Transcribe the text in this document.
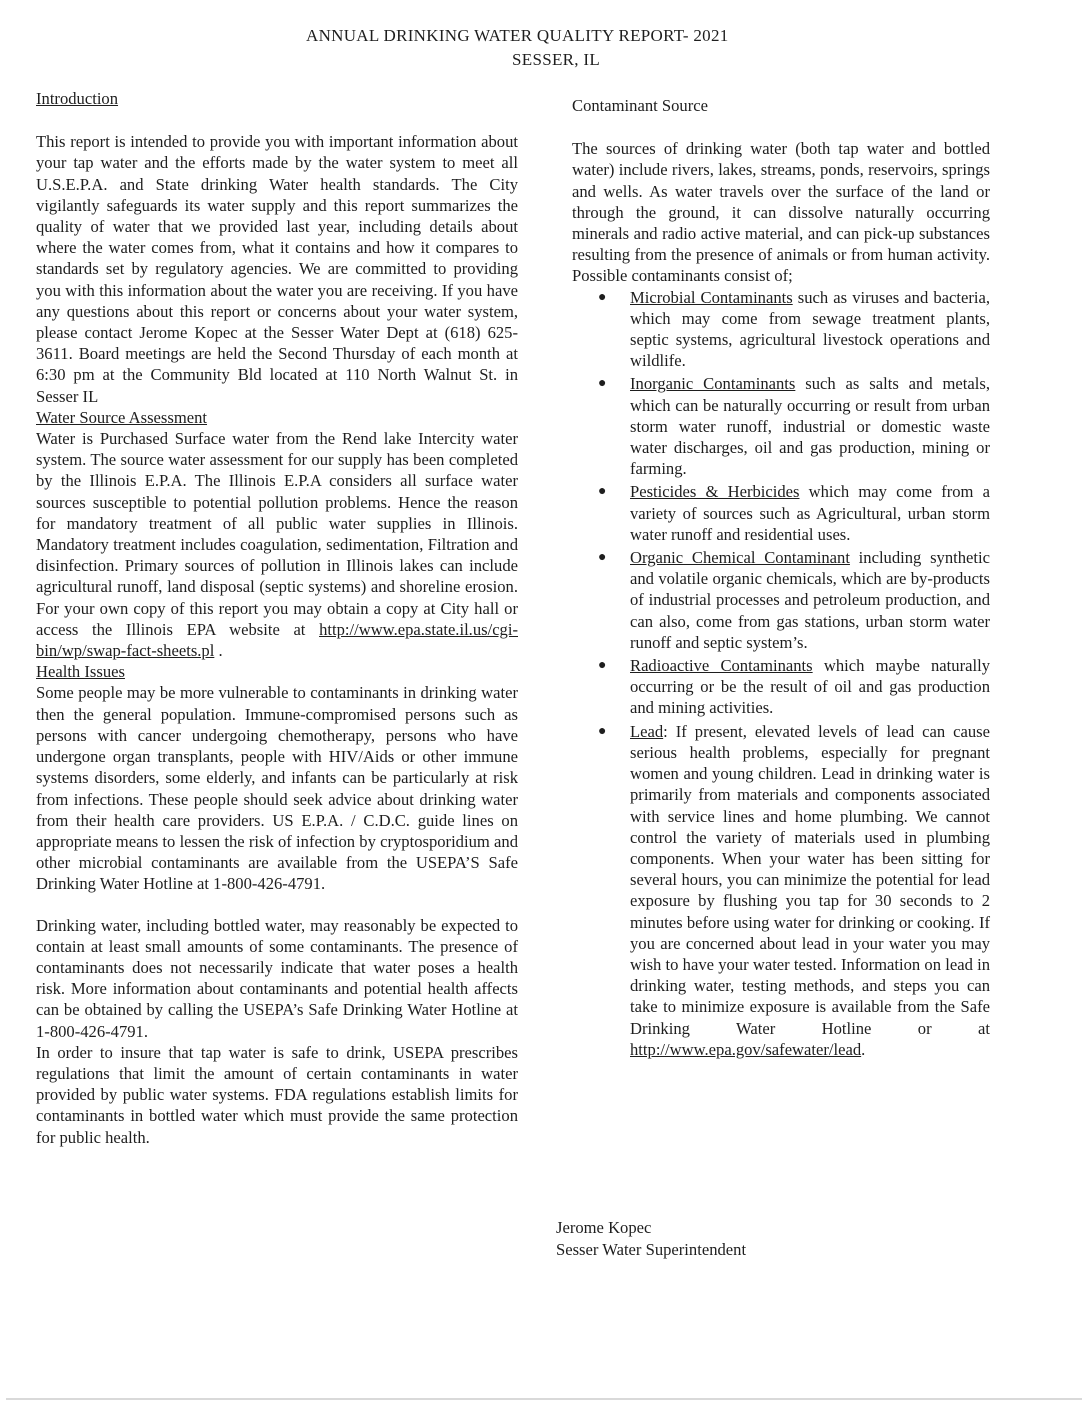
ANNUAL DRINKING WATER QUALITY REPORT- 2021
SESSER, IL
Introduction

This report is intended to provide you with important information about your tap water and the efforts made by the water system to meet all U.S.E.P.A. and State drinking Water health standards. The City vigilantly safeguards its water supply and this report summarizes the quality of water that we provided last year, including details about where the water comes from, what it contains and how it compares to standards set by regulatory agencies. We are committed to providing you with this information about the water you are receiving. If you have any questions about this report or concerns about your water system, please contact Jerome Kopec at the Sesser Water Dept at (618) 625-3611. Board meetings are held the Second Thursday of each month at 6:30 pm at the Community Bld located at 110 North Walnut St. in Sesser IL

Water Source Assessment

Water is Purchased Surface water from the Rend lake Intercity water system. The source water assessment for our supply has been completed by the Illinois E.P.A. The Illinois E.P.A considers all surface water sources susceptible to potential pollution problems. Hence the reason for mandatory treatment of all public water supplies in Illinois. Mandatory treatment includes coagulation, sedimentation, Filtration and disinfection. Primary sources of pollution in Illinois lakes can include agricultural runoff, land disposal (septic systems) and shoreline erosion. For your own copy of this report you may obtain a copy at City hall or access the Illinois EPA website at http://www.epa.state.il.us/cgi-bin/wp/swap-fact-sheets.pl .

Health Issues

Some people may be more vulnerable to contaminants in drinking water then the general population. Immune-compromised persons such as persons with cancer undergoing chemotherapy, persons who have undergone organ transplants, people with HIV/Aids or other immune systems disorders, some elderly, and infants can be particularly at risk from infections. These people should seek advice about drinking water from their health care providers. US E.P.A. / C.D.C. guide lines on appropriate means to lessen the risk of infection by cryptosporidium and other microbial contaminants are available from the USEPA’S Safe Drinking Water Hotline at 1-800-426-4791.

Drinking water, including bottled water, may reasonably be expected to contain at least small amounts of some contaminants. The presence of contaminants does not necessarily indicate that water poses a health risk. More information about contaminants and potential health affects can be obtained by calling the USEPA’s Safe Drinking Water Hotline at 1-800-426-4791.

In order to insure that tap water is safe to drink, USEPA prescribes regulations that limit the amount of certain contaminants in water provided by public water systems. FDA regulations establish limits for contaminants in bottled water which must provide the same protection for public health.

Contaminant Source

The sources of drinking water (both tap water and bottled water) include rivers, lakes, streams, ponds, reservoirs, springs and wells. As water travels over the surface of the land or through the ground, it can dissolve naturally occurring minerals and radio active material, and can pick-up substances resulting from the presence of animals or from human activity. Possible contaminants consist of;

● Microbial Contaminants such as viruses and bacteria, which may come from sewage treatment plants, septic systems, agricultural livestock operations and wildlife.
● Inorganic Contaminants such as salts and metals, which can be naturally occurring or result from urban storm water runoff, industrial or domestic waste water discharges, oil and gas production, mining or farming.
● Pesticides & Herbicides which may come from a variety of sources such as Agricultural, urban storm water runoff and residential uses.
● Organic Chemical Contaminant including synthetic and volatile organic chemicals, which are by-products of industrial processes and petroleum production, and can also, come from gas stations, urban storm water runoff and septic system’s.
● Radioactive Contaminants which maybe naturally occurring or be the result of oil and gas production and mining activities.
● Lead: If present, elevated levels of lead can cause serious health problems, especially for pregnant women and young children. Lead in drinking water is primarily from materials and components associated with service lines and home plumbing. We cannot control the variety of materials used in plumbing components. When your water has been sitting for several hours, you can minimize the potential for lead exposure by flushing you tap for 30 seconds to 2 minutes before using water for drinking or cooking. If you are concerned about lead in your water you may wish to have your water tested. Information on lead in drinking water, testing methods, and steps you can take to minimize exposure is available from the Safe Drinking Water Hotline or at http://www.epa.gov/safewater/lead.
Jerome Kopec
Sesser Water Superintendent
